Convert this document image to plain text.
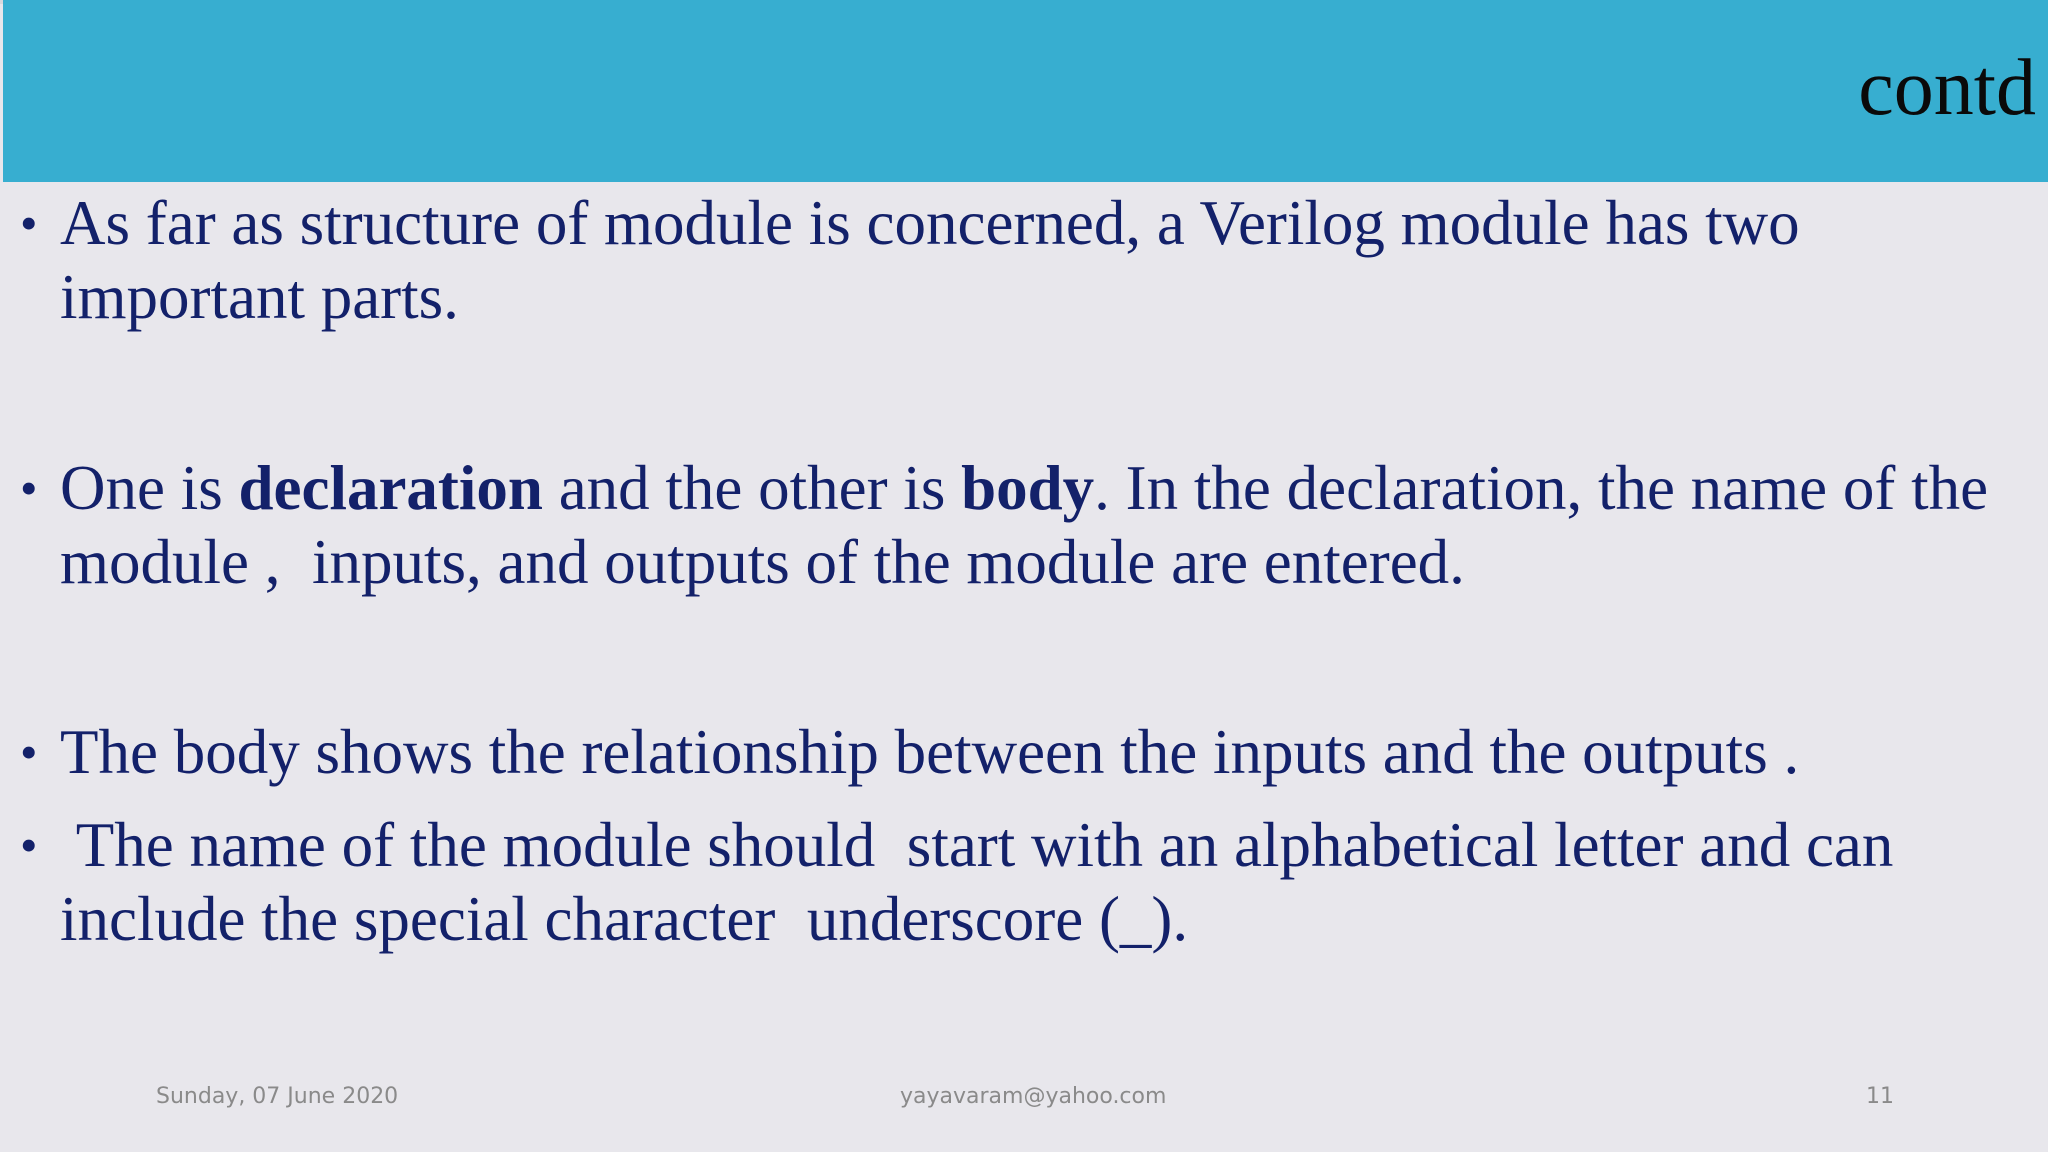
contd
• As far as structure of module is concerned, a Verilog module has two important parts.
• One is declaration and the other is body. In the declaration, the name of the module ,  inputs, and outputs of the module are entered.
• The body shows the relationship between the inputs and the outputs .
• The name of the module should  start with an alphabetical letter and can include the special character  underscore (_).
Sunday, 07 June 2020	yayavaram@yahoo.com	11
